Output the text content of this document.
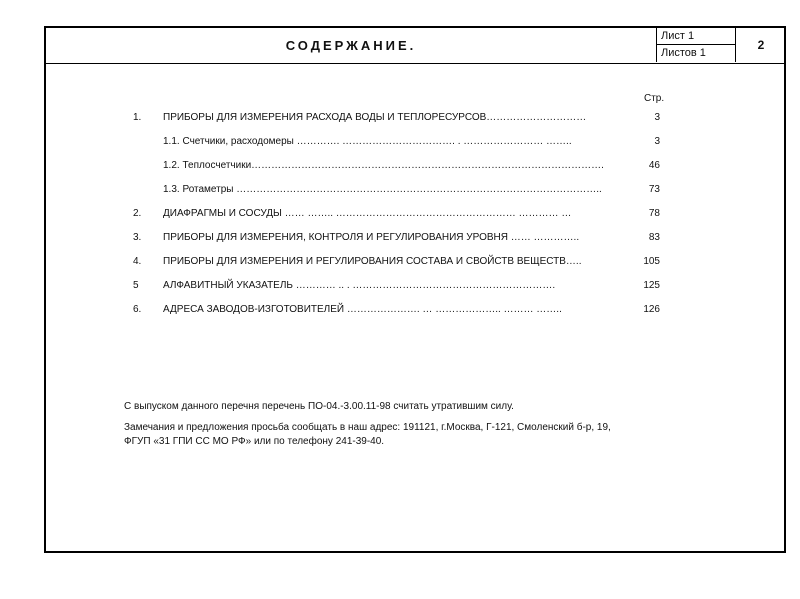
СОДЕРЖАНИЕ.
Лист 1
Листов 1
2
Стр.
1.	ПРИБОРЫ ДЛЯ ИЗМЕРЕНИЯ РАСХОДА ВОДЫ И ТЕПЛОРЕСУРСОВ…………………………	3
1.1. Счетчики, расходомеры …………. ……………………………. . …………………… ……..	3
1.2. Теплосчетчики…………………………………………………………………………………………….	46
1.3. Ротаметры ………………………………………………………………………………………………..	73
2.	ДИАФРАГМЫ И СОСУДЫ …… …….. ……………………………………………… ………… …	78
3.	ПРИБОРЫ ДЛЯ ИЗМЕРЕНИЯ, КОНТРОЛЯ И РЕГУЛИРОВАНИЯ УРОВНЯ …… …………..	83
4.	ПРИБОРЫ ДЛЯ ИЗМЕРЕНИЯ И РЕГУЛИРОВАНИЯ СОСТАВА И СВОЙСТВ ВЕЩЕСТВ…..	105
5	АЛФАВИТНЫЙ УКАЗАТЕЛЬ ………… .. . …………………………………………………….	125
6.	АДРЕСА ЗАВОДОВ-ИЗГОТОВИТЕЛЕЙ …………………. … ……………….. ……… ……..	126
С выпуском данного перечня перечень ПО-04.-3.00.11-98 считать утратившим силу.
Замечания и предложения просьба сообщать в наш адрес: 191121, г.Москва, Г-121, Смоленский б-р, 19,
ФГУП «31 ГПИ СС МО РФ» или по телефону 241-39-40.
